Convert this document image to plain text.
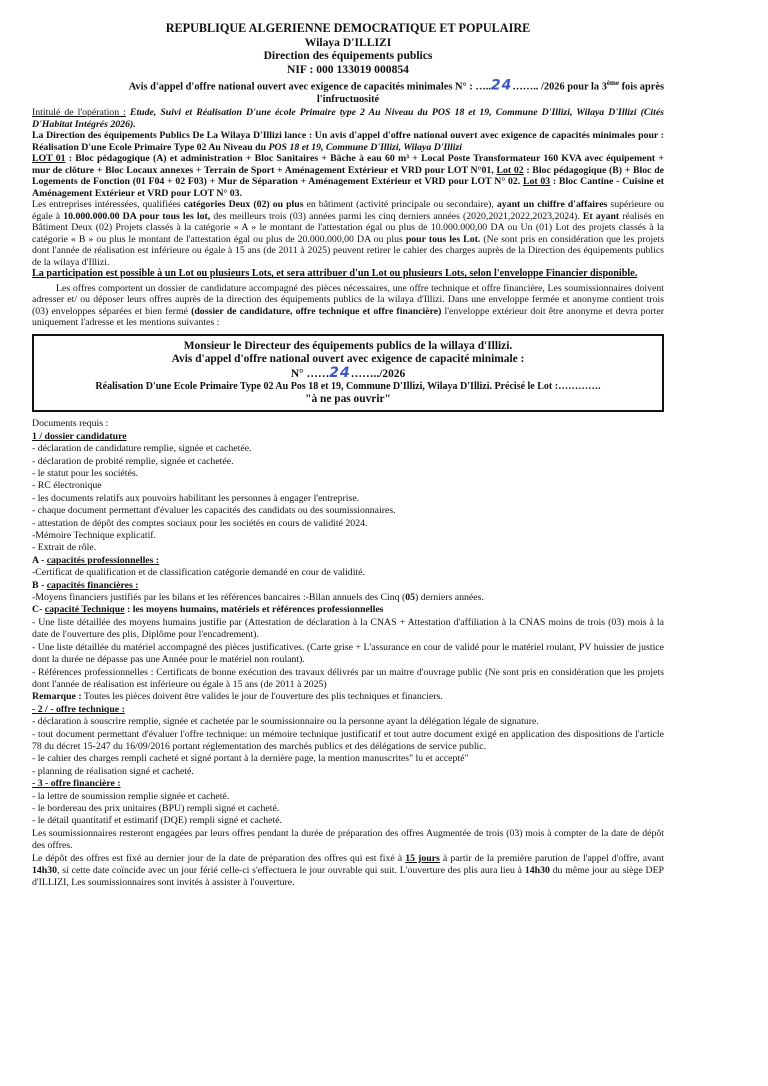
REPUBLIQUE ALGERIENNE DEMOCRATIQUE ET POPULAIRE
Wilaya D'ILLIZI
Direction des équipements publics
NIF : 000 133019 000854
Avis d'appel d'offre national ouvert avec exigence de capacités minimales N° : …..24…….. /2026 pour la 3ème fois après
l'infructuosité

Intitulé de l'opération : Etude, Suivi et Réalisation D'une école Primaire type 2 Au Niveau du POS 18 et 19, Commune D'Illizi, Wilaya D'Illizi (Cités D'Habitat Intégrés 2026).

La Direction des équipements Publics De La Wilaya D'Illizi lance : Un avis d'appel d'offre national ouvert avec exigence de capacités minimales pour : Réalisation D'une Ecole Primaire Type 02 Au Niveau du POS 18 et 19, Commune D'Illizi, Wilaya D'Illizi

LOT 01 : Bloc pédagogique (A) et administration + Bloc Sanitaires + Bâche à eau 60 m³ + Local Poste Transformateur 160 KVA avec équipement + mur de clôture + Bloc Locaux annexes + Terrain de Sport + Aménagement Extérieur et VRD pour LOT N°01, Lot 02 : Bloc pédagogique (B) + Bloc de Logements de Fonction (01 F04 + 02 F03) + Mur de Séparation + Aménagement Extérieur et VRD pour LOT N° 02. Lot 03 : Bloc Cantine - Cuisine et Aménagement Extérieur et VRD pour LOT N° 03.

Les entreprises intéressées, qualifiées catégories Deux (02) ou plus en bâtiment (activité principale ou secondaire), ayant un chiffre d'affaires supérieure ou égale à 10.000.000.00 DA pour tous les lot, des meilleurs trois (03) années parmi les cinq derniers années (2020,2021,2022,2023,2024). Et ayant réalisés en Bâtiment Deux (02) Projets classés à la catégorie « A » le montant de l'attestation égal ou plus de 10.000.000,00 DA ou Un (01) Lot des projets classés à la catégorie « B » ou plus le montant de l'attestation égal ou plus de 20.000.000,00 DA ou plus pour tous les Lot. (Ne sont pris en considération que les projets dont l'année de réalisation est inférieure ou égale à 15 ans (de 2011 à 2025) peuvent retirer le cahier des charges auprès de la Direction des équipements publics de la wilaya d'Illizi.

La participation est possible à un Lot ou plusieurs Lots, et sera attribuer d'un Lot ou plusieurs Lots, selon l'enveloppe Financier disponible.

Les offres comportent un dossier de candidature accompagné des pièces nécessaires, une offre technique et offre financière, Les soumissionnaires doivent adresser et/ ou déposer leurs offres auprès de la direction des équipements publics de la wilaya d'Illizi. Dans une enveloppe fermée et anonyme contient trois (03) enveloppes séparées et bien fermé (dossier de candidature, offre technique et offre financière) l'enveloppe extérieur doit être anonyme et devra porter uniquement l'adresse et les mentions suivantes :

Monsieur le Directeur des équipements publics de la willaya d'Illizi.
Avis d'appel d'offre national ouvert avec exigence de capacité minimale :
N° ……24……../2026
Réalisation D'une Ecole Primaire Type 02 Au Pos 18 et 19, Commune D'Illizi, Wilaya D'Illizi. Précisé le Lot :………….
"à ne pas ouvrir"

Documents requis :

1 / dossier candidature

- déclaration de candidature remplie, signée et cachetée.

- déclaration de probité remplie, signée et cachetée.

- le statut pour les sociétés.

- RC électronique

- les documents relatifs aux pouvoirs habilitant les personnes à engager l'entreprise.

- chaque document permettant d'évaluer les capacités des candidats ou des soumissionnaires.

- attestation de dépôt des comptes sociaux pour les sociétés en cours de validité 2024.

-Mémoire Technique explicatif.

- Extrait de rôle.

A - capacités professionnelles :

-Certificat de qualification et de classification catégorie demandé en cour de validité.

B - capacités financières :

-Moyens financiers justifiés par les bilans et les références bancaires :-Bilan annuels des Cinq (05) derniers années.

C- capacité Technique : les moyens humains, matériels et références professionnelles

- Une liste détaillée des moyens humains justifie par (Attestation de déclaration à la CNAS + Attestation d'affiliation à la CNAS moins de trois (03) mois à la date de l'ouverture des plis, Diplôme pour l'encadrement).

- Une liste détaillée du matériel accompagné des pièces justificatives. (Carte grise + L'assurance en cour de validé pour le matériel roulant, PV huissier de justice dont la durée ne dépasse pas une Année pour le matériel non roulant).

- Références professionnelles : Certificats de bonne exécution des travaux délivrés par un maitre d'ouvrage public (Ne sont pris en considération que les projets dont l'année de réalisation est inférieure ou égale à 15 ans (de 2011 à 2025)

Remarque : Toutes les pièces doivent être valides le jour de l'ouverture des plis techniques et financiers.

- 2 / - offre technique :

- déclaration à souscrire remplie, signée et cachetée par le soumissionnaire ou la personne ayant la délégation légale de signature.

- tout document permettant d'évaluer l'offre technique: un mémoire technique justificatif et tout autre document exigé en application des dispositions de l'article 78 du décret 15-247 du 16/09/2016 portant réglementation des marchés publics et des délégations de service public.

- le cahier des charges rempli cacheté et signé portant à la dernière page, la mention manuscrites" lu et accepté"

- planning de réalisation signé et cacheté.

- 3 - offre financière :

- la lettre de soumission remplie signée et cacheté.

- le bordereau des prix unitaires (BPU) rempli signé et cacheté.

- le détail quantitatif et estimatif (DQE) rempli signé et cacheté.

Les soumissionnaires resteront engagées par leurs offres pendant la durée de préparation des offres Augmentée de trois (03) mois à compter de la date de dépôt des offres.

Le dépôt des offres est fixé au dernier jour de la date de préparation des offres qui est fixé à 15 jours à partir de la première parution de l'appel d'offre, avant 14h30, si cette date coïncide avec un jour férié celle-ci s'effectuera le jour ouvrable qui suit. L'ouverture des plis aura lieu à 14h30 du même jour au siège DEP d'ILLIZI, Les soumissionnaires sont invités à assister à l'ouverture.
